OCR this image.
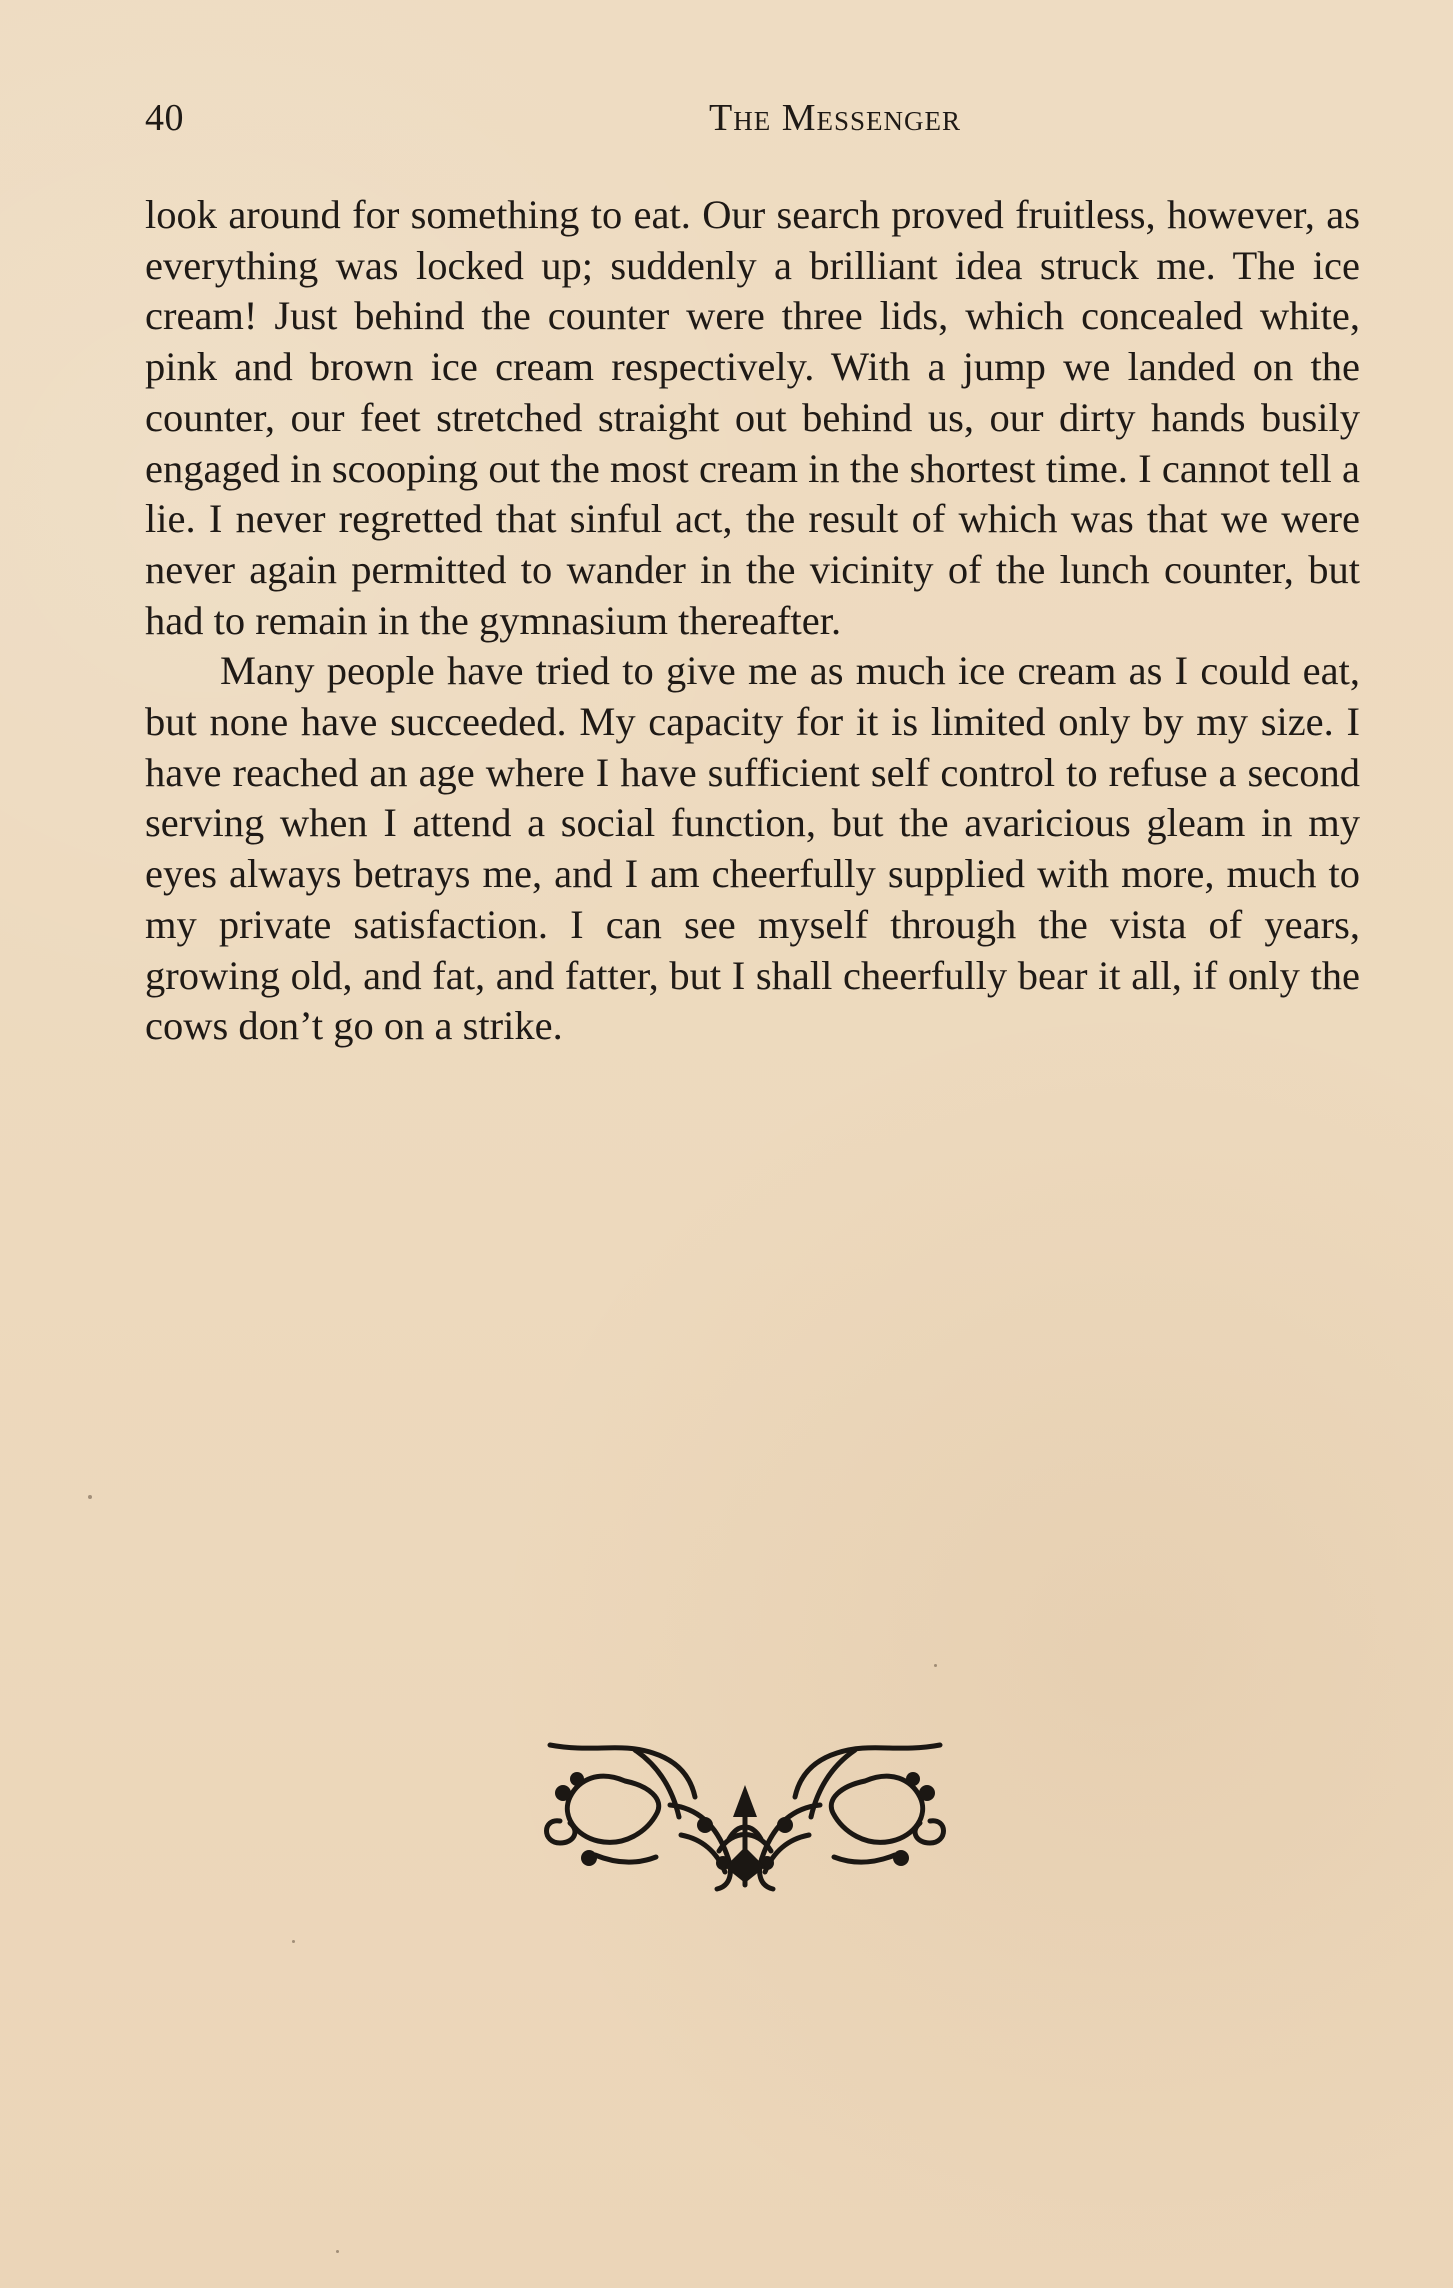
40	The Messenger

look around for something to eat. Our search proved fruitless, however, as everything was locked up; suddenly a brilliant idea struck me. The ice cream! Just behind the counter were three lids, which concealed white, pink and brown ice cream respectively. With a jump we landed on the counter, our feet stretched straight out behind us, our dirty hands busily engaged in scooping out the most cream in the shortest time. I cannot tell a lie. I never regretted that sinful act, the result of which was that we were never again permitted to wander in the vicinity of the lunch counter, but had to remain in the gymnasium thereafter.

Many people have tried to give me as much ice cream as I could eat, but none have succeeded. My capacity for it is limited only by my size. I have reached an age where I have sufficient self control to refuse a second serving when I attend a social function, but the avaricious gleam in my eyes always betrays me, and I am cheerfully supplied with more, much to my private satisfaction. I can see myself through the vista of years, growing old, and fat, and fatter, but I shall cheerfully bear it all, if only the cows don’t go on a strike.
